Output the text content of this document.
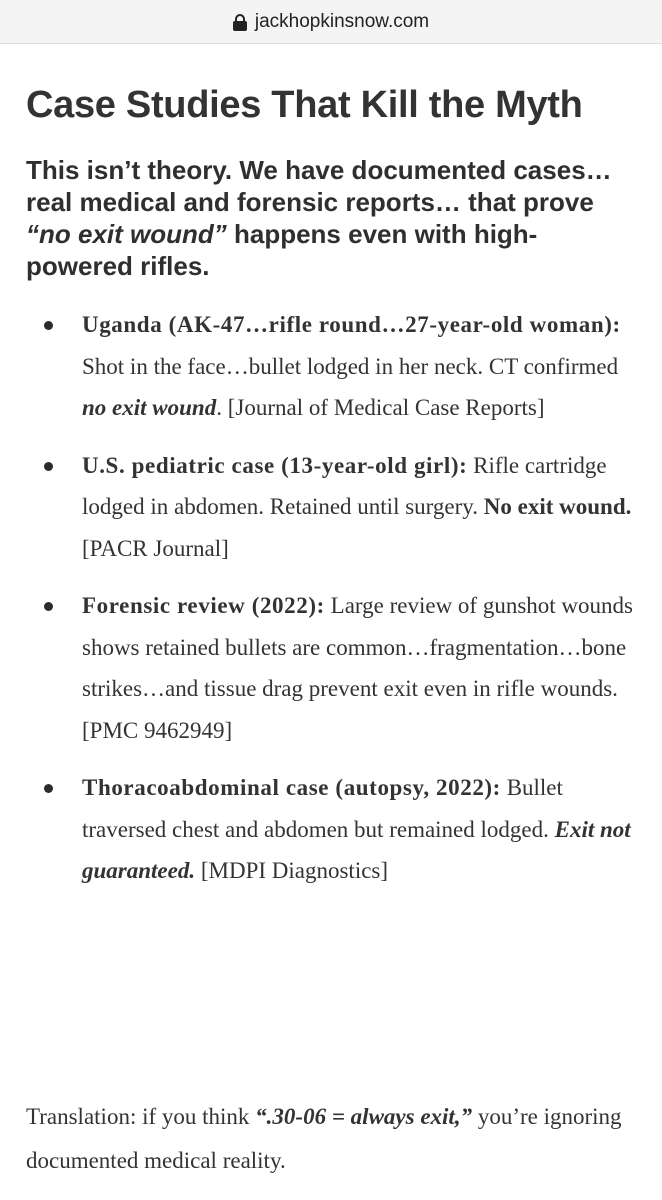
jackhopkinsnow.com
Case Studies That Kill the Myth

This isn’t theory. We have documented cases…real medical and forensic reports… that prove “no exit wound” happens even with high-powered rifles.

Uganda (AK-47…rifle round…27-year-old woman): Shot in the face…bullet lodged in her neck. CT confirmed no exit wound. [Journal of Medical Case Reports]
U.S. pediatric case (13-year-old girl): Rifle cartridge lodged in abdomen. Retained until surgery. No exit wound.[PACR Journal]
Forensic review (2022): Large review of gunshot wounds shows retained bullets are common…fragmentation…bone strikes…and tissue drag prevent exit even in rifle wounds. [PMC 9462949]
Thoracoabdominal case (autopsy, 2022): Bullet traversed chest and abdomen but remained lodged. Exit not guaranteed. [MDPI Diagnostics]

Translation: if you think “.30-06 = always exit,” you’re ignoring documented medical reality.
